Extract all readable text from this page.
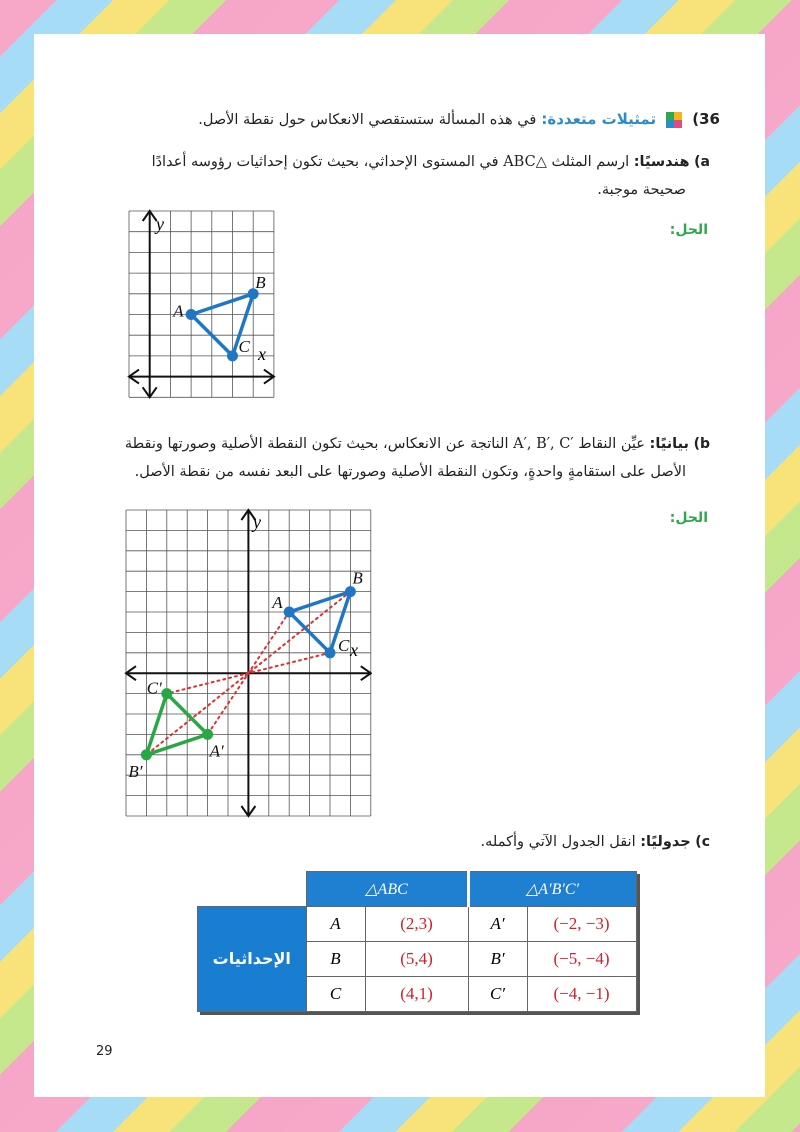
36)  تمثيلات متعددة: في هذه المسألة ستستقصي الانعكاس حول نقطة الأصل.
a) هندسيًا: ارسم المثلث △ABC في المستوى الإحداثي، بحيث تكون إحداثيات رؤوسه أعدادًا
صحيحة موجبة.
الحل:
A
B
C
y
x
b) بيانيًا: عيِّن النقاط ′A′, B′, C الناتجة عن الانعكاس، بحيث تكون النقطة الأصلية وصورتها ونقطة
الأصل على استقامةٍ واحدةٍ، وتكون النقطة الأصلية وصورتها على البعد نفسه من نقطة الأصل.
الحل:
A
B
C
A′
B′
C′
y
x
c) جدوليًا: انقل الجدول الآتي وأكمله.
	△ABC		△A′B′C′	
الإحداثيات	A	(2,3)	A′	(−2, −3)
	B	(5,4)	B′	(−5, −4)
	C	(4,1)	C′	(−4, −1)
29
